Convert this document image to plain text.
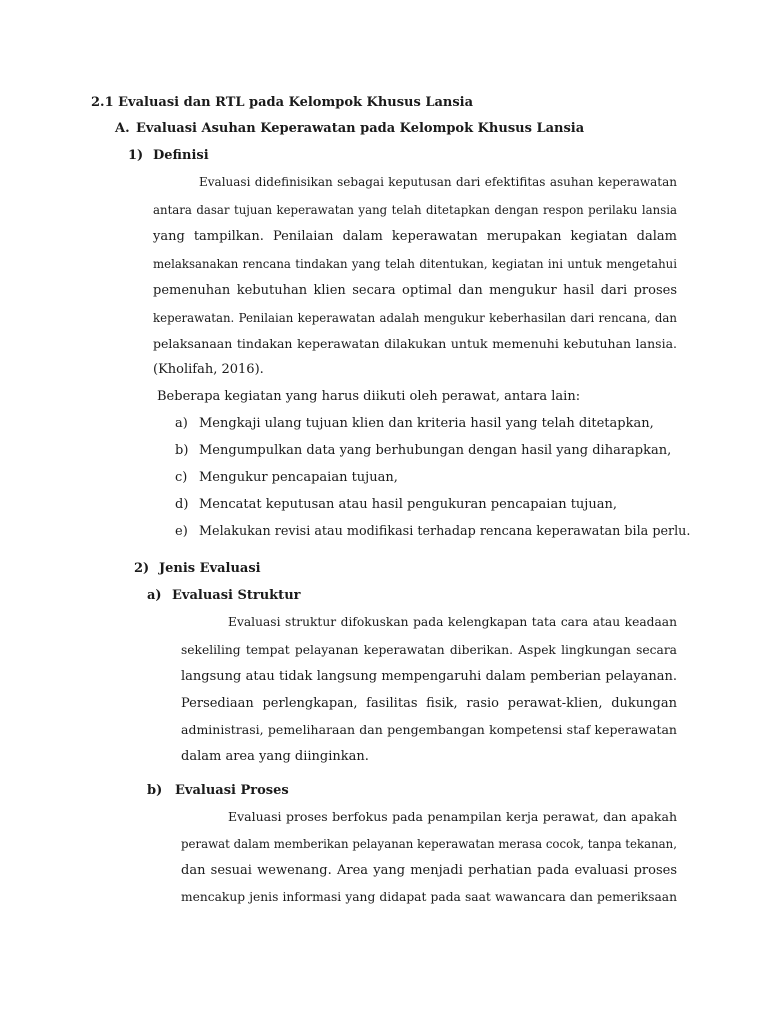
2.1 Evaluasi dan RTL pada Kelompok Khusus Lansia
A. Evaluasi Asuhan Keperawatan pada Kelompok Khusus Lansia
1) Definisi
Evaluasi didefinisikan sebagai keputusan dari efektifitas asuhan keperawatan
antara dasar tujuan keperawatan yang telah ditetapkan dengan respon perilaku lansia
yang tampilkan. Penilaian dalam keperawatan merupakan kegiatan dalam
melaksanakan rencana tindakan yang telah ditentukan, kegiatan ini untuk mengetahui
pemenuhan kebutuhan klien secara optimal dan mengukur hasil dari proses
keperawatan. Penilaian keperawatan adalah mengukur keberhasilan dari rencana, dan
pelaksanaan tindakan keperawatan dilakukan untuk memenuhi kebutuhan lansia.
(Kholifah, 2016).
Beberapa kegiatan yang harus diikuti oleh perawat, antara lain:
a) Mengkaji ulang tujuan klien dan kriteria hasil yang telah ditetapkan,
b) Mengumpulkan data yang berhubungan dengan hasil yang diharapkan,
c) Mengukur pencapaian tujuan,
d) Mencatat keputusan atau hasil pengukuran pencapaian tujuan,
e) Melakukan revisi atau modifikasi terhadap rencana keperawatan bila perlu.
2) Jenis Evaluasi
a) Evaluasi Struktur
Evaluasi struktur difokuskan pada kelengkapan tata cara atau keadaan
sekeliling tempat pelayanan keperawatan diberikan. Aspek lingkungan secara
langsung atau tidak langsung mempengaruhi dalam pemberian pelayanan.
Persediaan perlengkapan, fasilitas fisik, rasio perawat-klien, dukungan
administrasi, pemeliharaan dan pengembangan kompetensi staf keperawatan
dalam area yang diinginkan.
b) Evaluasi Proses
Evaluasi proses berfokus pada penampilan kerja perawat, dan apakah
perawat dalam memberikan pelayanan keperawatan merasa cocok, tanpa tekanan,
dan sesuai wewenang. Area yang menjadi perhatian pada evaluasi proses
mencakup jenis informasi yang didapat pada saat wawancara dan pemeriksaan
